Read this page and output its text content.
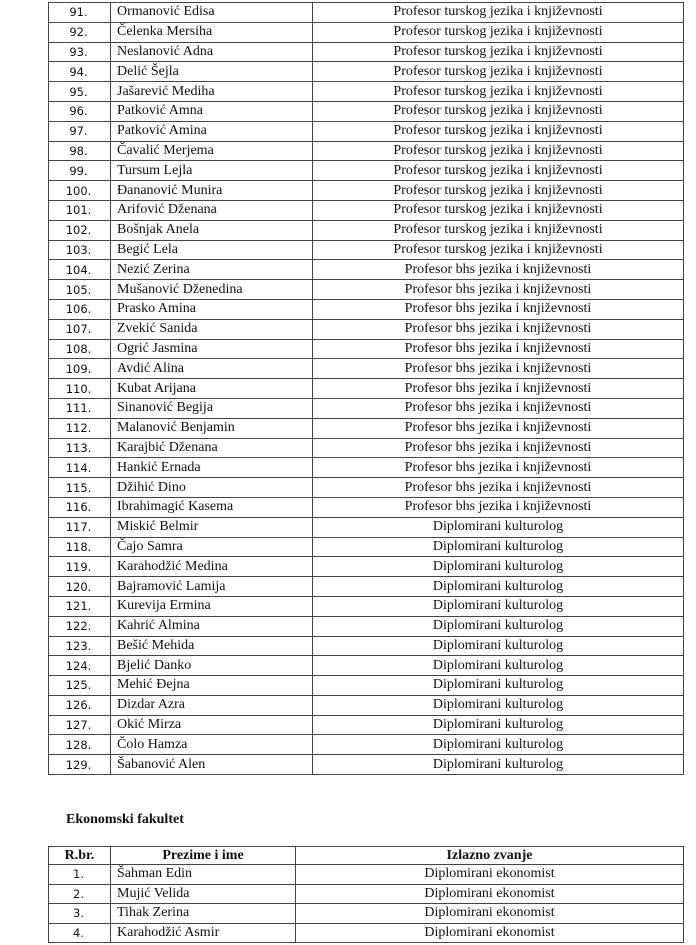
91.	Ormanović Edisa	Profesor turskog jezika i književnosti
92.	Čelenka Mersiha	Profesor turskog jezika i književnosti
93.	Neslanović Adna	Profesor turskog jezika i književnosti
94.	Delić Šejla	Profesor turskog jezika i književnosti
95.	Jašarević Mediha	Profesor turskog jezika i književnosti
96.	Patković Amna	Profesor turskog jezika i književnosti
97.	Patković Amina	Profesor turskog jezika i književnosti
98.	Čavalić Merjema	Profesor turskog jezika i književnosti
99.	Tursum Lejla	Profesor turskog jezika i književnosti
100.	Đananović Munira	Profesor turskog jezika i književnosti
101.	Arifović Dženana	Profesor turskog jezika i književnosti
102.	Bošnjak Anela	Profesor turskog jezika i književnosti
103.	Begić Lela	Profesor turskog jezika i književnosti
104.	Nezić Zerina	Profesor bhs jezika i književnosti
105.	Mušanović Dženedina	Profesor bhs jezika i književnosti
106.	Prasko Amina	Profesor bhs jezika i književnosti
107.	Zvekić Sanida	Profesor bhs jezika i književnosti
108.	Ogrić Jasmina	Profesor bhs jezika i književnosti
109.	Avdić Alina	Profesor bhs jezika i književnosti
110.	Kubat Arijana	Profesor bhs jezika i književnosti
111.	Sinanović Begija	Profesor bhs jezika i književnosti
112.	Malanović Benjamin	Profesor bhs jezika i književnosti
113.	Karajbić Dženana	Profesor bhs jezika i književnosti
114.	Hankić Ernada	Profesor bhs jezika i književnosti
115.	Džihić Dino	Profesor bhs jezika i književnosti
116.	Ibrahimagić Kasema	Profesor bhs jezika i književnosti
117.	Miskić Belmir	Diplomirani kulturolog
118.	Čajo Samra	Diplomirani kulturolog
119.	Karahodžić Medina	Diplomirani kulturolog
120.	Bajramović Lamija	Diplomirani kulturolog
121.	Kurevija Ermina	Diplomirani kulturolog
122.	Kahrić Almina	Diplomirani kulturolog
123.	Bešić Mehida	Diplomirani kulturolog
124.	Bjelić Danko	Diplomirani kulturolog
125.	Mehić Đejna	Diplomirani kulturolog
126.	Dizdar Azra	Diplomirani kulturolog
127.	Okić Mirza	Diplomirani kulturolog
128.	Čolo Hamza	Diplomirani kulturolog
129.	Šabanović Alen	Diplomirani kulturolog
Ekonomski fakultet
R.br.	Prezime i ime	Izlazno zvanje
1.	Šahman Edin	Diplomirani ekonomist
2.	Mujić Velida	Diplomirani ekonomist
3.	Tihak Zerina	Diplomirani ekonomist
4.	Karahodžić Asmir	Diplomirani ekonomist
